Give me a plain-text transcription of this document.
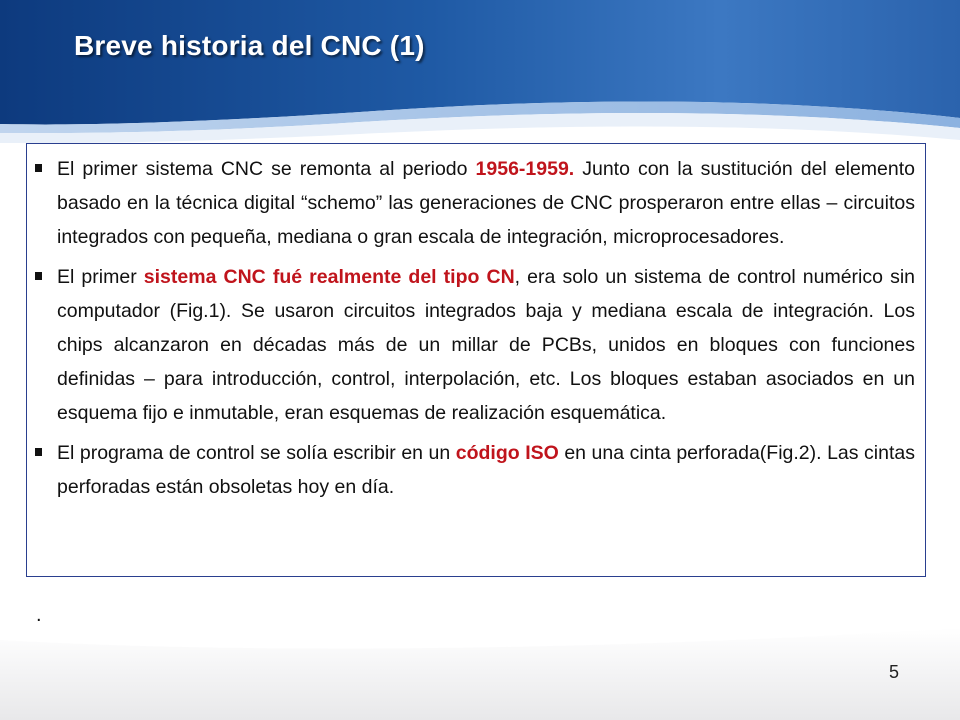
Breve historia del CNC (1)

El primer sistema CNC se remonta al periodo 1956-1959. Junto con la sustitución del elemento basado en la técnica digital “schemo” las generaciones de CNC prosperaron entre ellas – circuitos integrados con pequeña, mediana o gran escala de integración, microprocesadores.

El primer sistema CNC fué realmente del tipo CN, era solo un sistema de control numérico sin computador (Fig.1). Se usaron circuitos integrados baja y mediana escala de integración. Los chips alcanzaron en décadas más de un millar de PCBs, unidos en bloques con funciones definidas – para introducción, control, interpolación, etc. Los bloques estaban asociados en un esquema fijo e inmutable, eran esquemas de realización esquemática.

El programa de control se solía escribir en un código ISO en una cinta perforada(Fig.2). Las cintas perforadas están obsoletas hoy en día.

.
5
